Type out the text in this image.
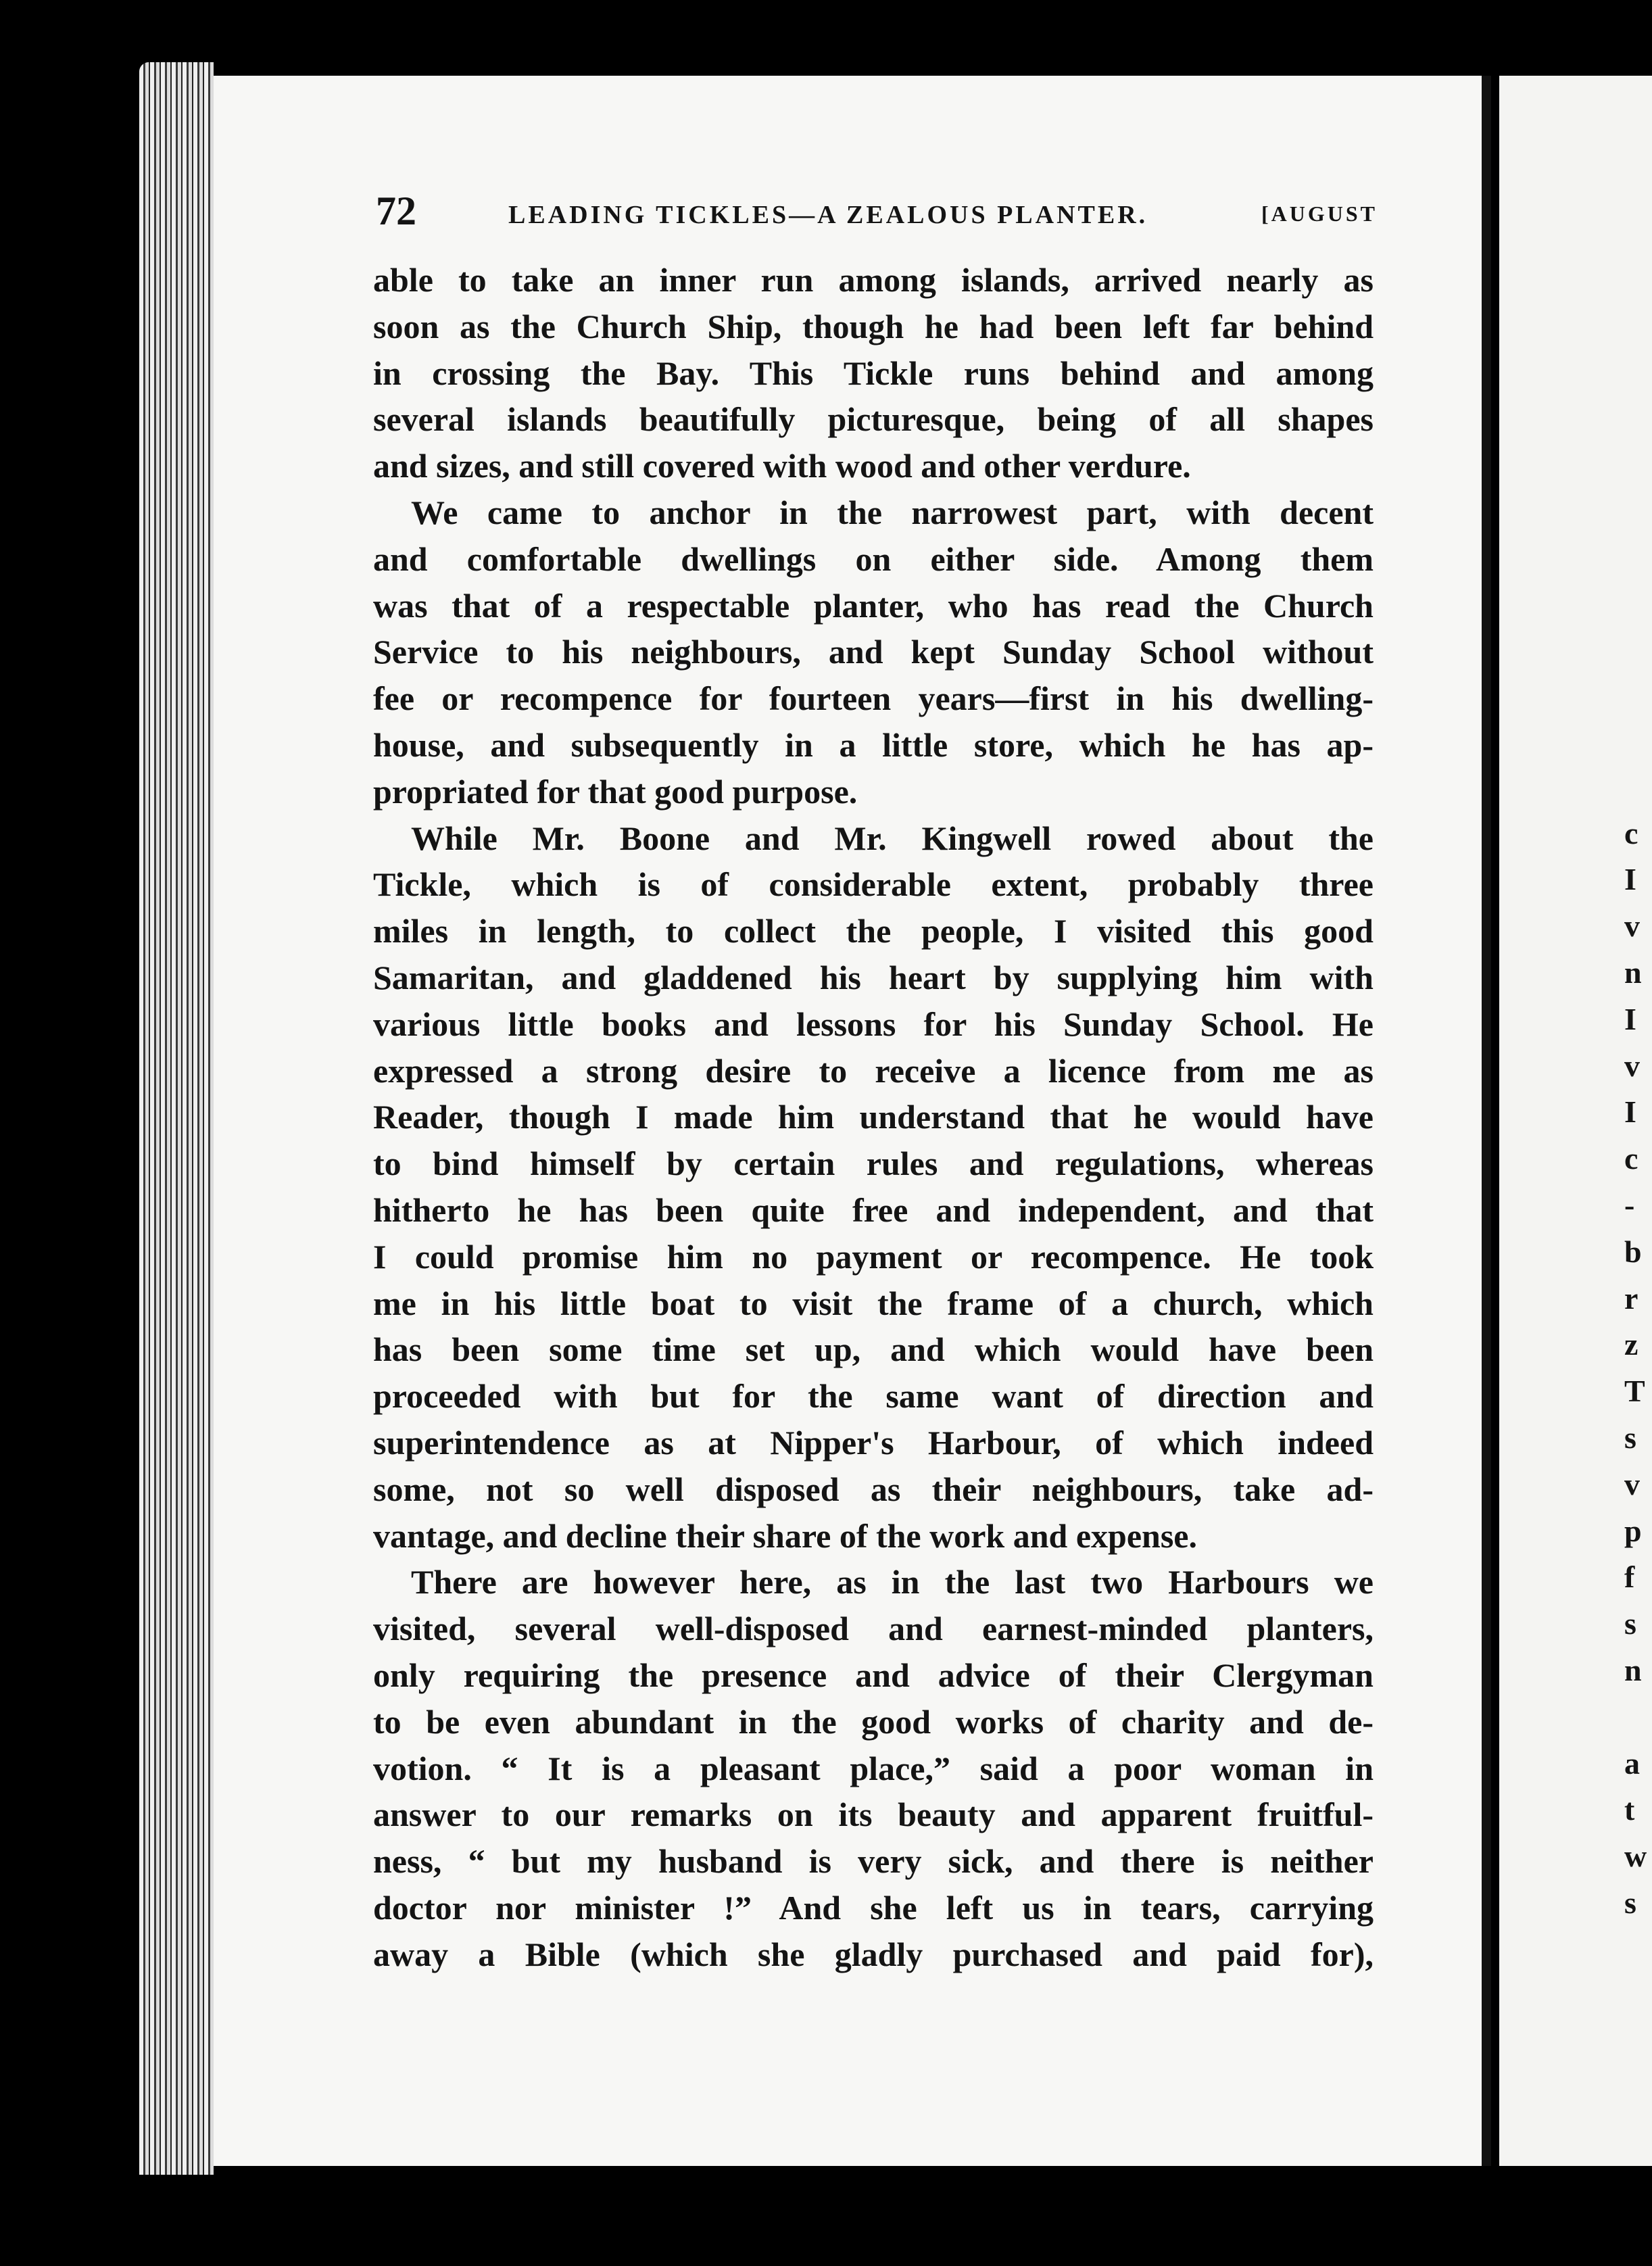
72	LEADING TICKLES—A ZEALOUS PLANTER.	[AUGUST
able to take an inner run among islands, arrived nearly as
soon as the Church Ship, though he had been left far behind
in crossing the Bay. This Tickle runs behind and among
several islands beautifully picturesque, being of all shapes
and sizes, and still covered with wood and other verdure.
We came to anchor in the narrowest part, with decent
and comfortable dwellings on either side. Among them
was that of a respectable planter, who has read the Church
Service to his neighbours, and kept Sunday School without
fee or recompence for fourteen years—first in his dwelling-
house, and subsequently in a little store, which he has ap-
propriated for that good purpose.
While Mr. Boone and Mr. Kingwell rowed about the
Tickle, which is of considerable extent, probably three
miles in length, to collect the people, I visited this good
Samaritan, and gladdened his heart by supplying him with
various little books and lessons for his Sunday School. He
expressed a strong desire to receive a licence from me as
Reader, though I made him understand that he would have
to bind himself by certain rules and regulations, whereas
hitherto he has been quite free and independent, and that
I could promise him no payment or recompence. He took
me in his little boat to visit the frame of a church, which
has been some time set up, and which would have been
proceeded with but for the same want of direction and
superintendence as at Nipper's Harbour, of which indeed
some, not so well disposed as their neighbours, take ad-
vantage, and decline their share of the work and expense.
There are however here, as in the last two Harbours we
visited, several well-disposed and earnest-minded planters,
only requiring the presence and advice of their Clergyman
to be even abundant in the good works of charity and de-
votion. “ It is a pleasant place,” said a poor woman in
answer to our remarks on its beauty and apparent fruitful-
ness, “ but my husband is very sick, and there is neither
doctor nor minister !” And she left us in tears, carrying
away a Bible (which she gladly purchased and paid for),
c
I
v
n
I
v
I
c
-
b
r
z
T
s
v
p
f
s
n
a
t
w
s
